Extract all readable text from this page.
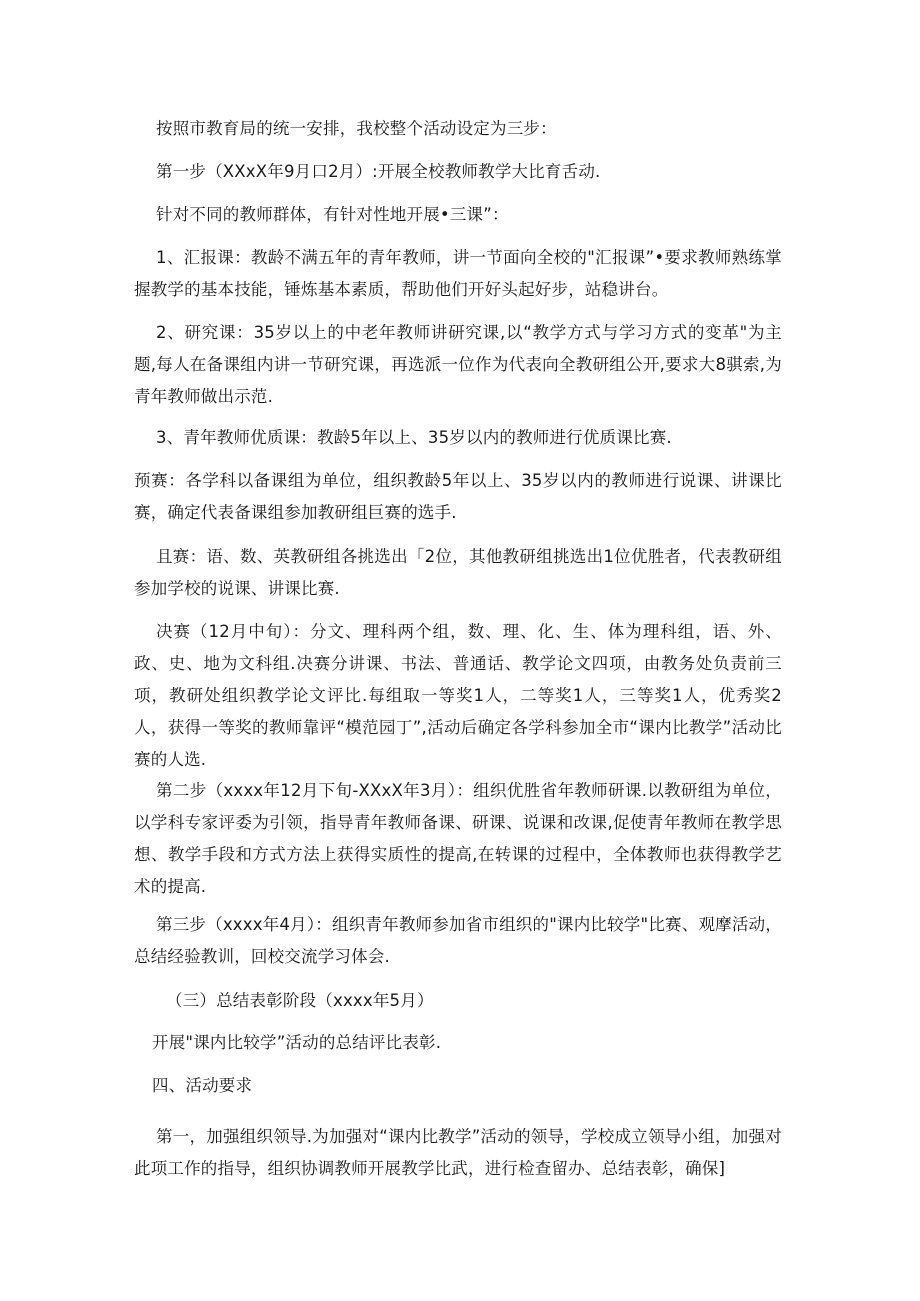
按照市教育局的统一安排，我校整个活动设定为三步：

第一步（XXxX年9月口2月）:开展全校教师教学大比育舌动.

针对不同的教师群体，有针对性地开展•三课”：

1、汇报课：教龄不满五年的青年教师，讲一节面向全校的"汇报课”•要求教师熟练掌握教学的基本技能，锤炼基本素质，帮助他们开好头起好步，站稳讲台。

2、研究课：35岁以上的中老年教师讲研究课,以“教学方式与学习方式的变革"为主题,每人在备课组内讲一节研究课，再选派一位作为代表向全教研组公开,要求大8骐索,为青年教师做出示范.

3、青年教师优质课：教龄5年以上、35岁以内的教师进行优质课比赛.

预赛：各学科以备课组为单位，组织教龄5年以上、35岁以内的教师进行说课、讲课比赛，确定代表备课组参加教研组巨赛的选手.

且赛：语、数、英教研组各挑选出「2位，其他教研组挑选出1位优胜者，代表教研组参加学校的说课、讲课比赛.

决赛（12月中旬）：分文、理科两个组，数、理、化、生、体为理科组，语、外、政、史、地为文科组.决赛分讲课、书法、普通话、教学论文四项，由教务处负责前三项，教研处组织教学论文评比.每组取一等奖1人，二等奖1人，三等奖1人，优秀奖2人，获得一等奖的教师靠评“模范园丁”,活动后确定各学科参加全市“课内比教学”活动比赛的人选.

第二步（xxxx年12月下旬-XXxX年3月）：组织优胜省年教师研课.以教研组为单位，以学科专家评委为引领，指导青年教师备课、研课、说课和改课,促使青年教师在教学思想、教学手段和方式方法上获得实质性的提高,在转课的过程中，全体教师也获得教学艺术的提高.

第三步（xxxx年4月）：组织青年教师参加省市组织的"课内比较学"比赛、观摩活动，总结经验教训，回校交流学习体会.

（三）总结表彰阶段（xxxx年5月）

开展"课内比较学”活动的总结评比表彰.

四、活动要求

第一，加强组织领导.为加强对“课内比教学”活动的领导，学校成立领导小组，加强对此项工作的指导，组织协调教师开展教学比武，进行检查留办、总结表彰，确保]
